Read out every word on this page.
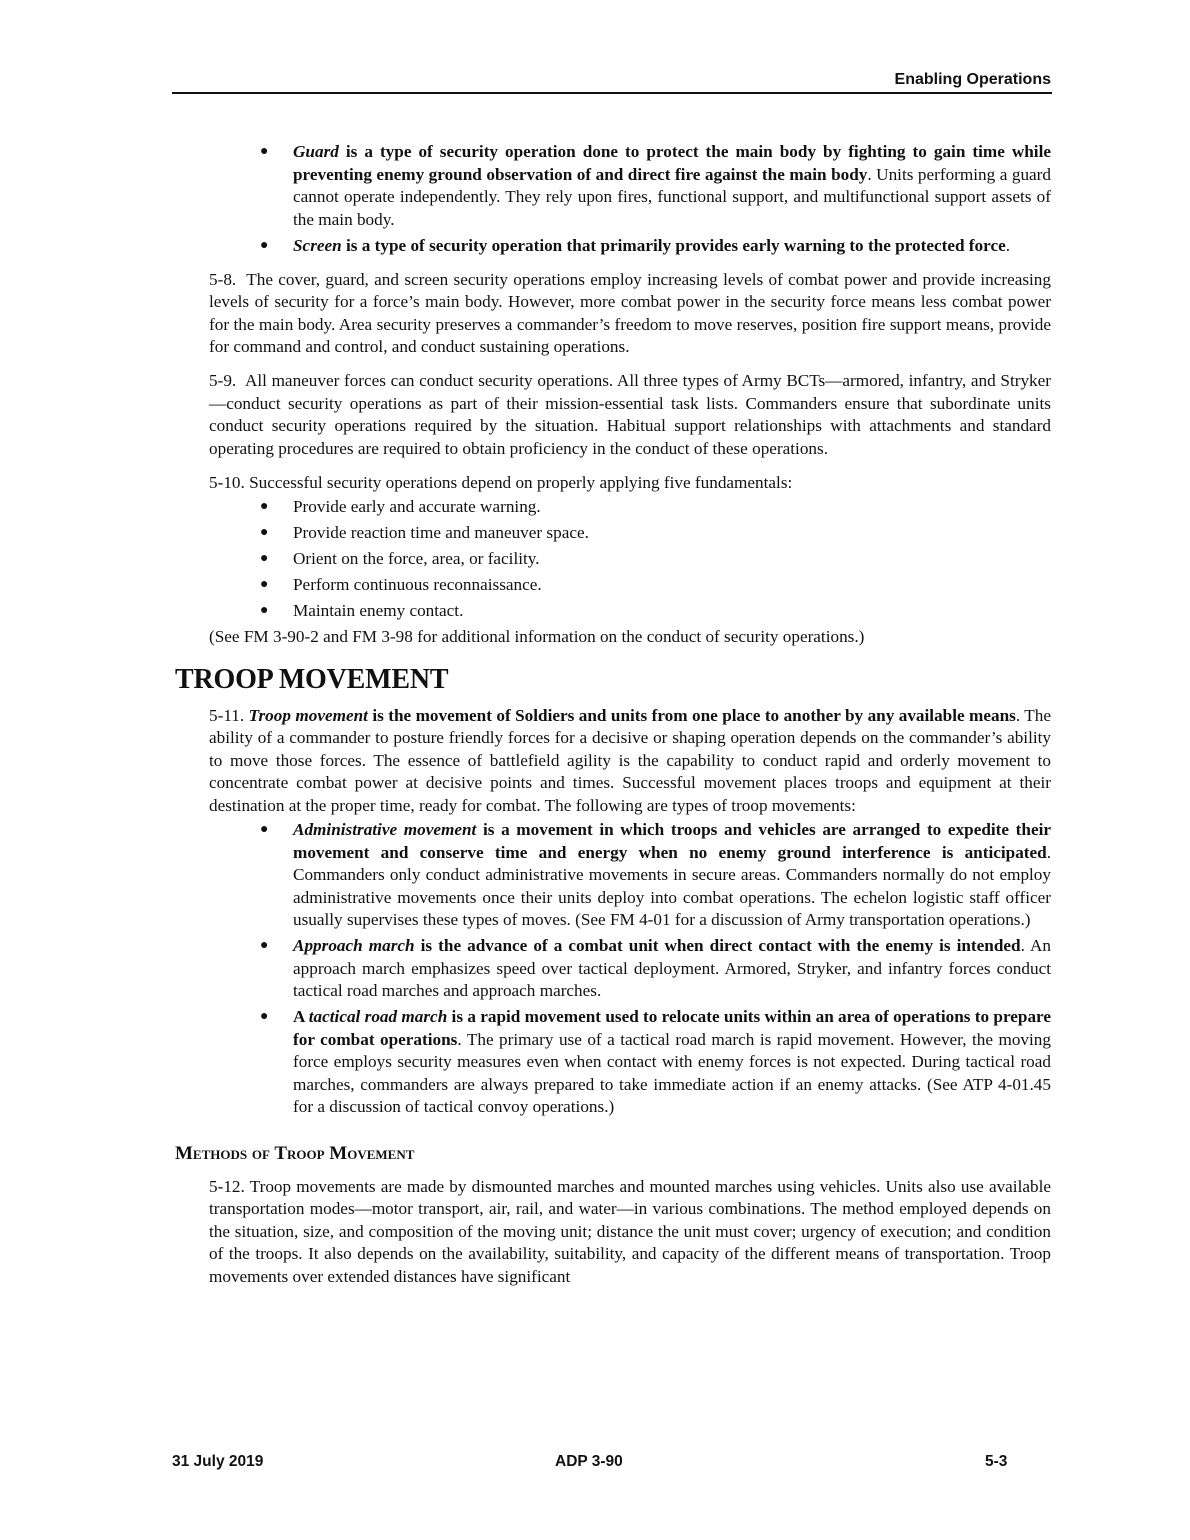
Enabling Operations
● Guard is a type of security operation done to protect the main body by fighting to gain time while preventing enemy ground observation of and direct fire against the main body. Units performing a guard cannot operate independently. They rely upon fires, functional support, and multifunctional support assets of the main body.
● Screen is a type of security operation that primarily provides early warning to the protected force.

5-8. The cover, guard, and screen security operations employ increasing levels of combat power and provide increasing levels of security for a force’s main body. However, more combat power in the security force means less combat power for the main body. Area security preserves a commander’s freedom to move reserves, position fire support means, provide for command and control, and conduct sustaining operations.

5-9. All maneuver forces can conduct security operations. All three types of Army BCTs—armored, infantry, and Stryker—conduct security operations as part of their mission-essential task lists. Commanders ensure that subordinate units conduct security operations required by the situation. Habitual support relationships with attachments and standard operating procedures are required to obtain proficiency in the conduct of these operations.

5-10. Successful security operations depend on properly applying five fundamentals:

● Provide early and accurate warning.
● Provide reaction time and maneuver space.
● Orient on the force, area, or facility.
● Perform continuous reconnaissance.
● Maintain enemy contact.

(See FM 3-90-2 and FM 3-98 for additional information on the conduct of security operations.)

TROOP MOVEMENT

5-11. Troop movement is the movement of Soldiers and units from one place to another by any available means. The ability of a commander to posture friendly forces for a decisive or shaping operation depends on the commander’s ability to move those forces. The essence of battlefield agility is the capability to conduct rapid and orderly movement to concentrate combat power at decisive points and times. Successful movement places troops and equipment at their destination at the proper time, ready for combat. The following are types of troop movements:

● Administrative movement is a movement in which troops and vehicles are arranged to expedite their movement and conserve time and energy when no enemy ground interference is anticipated. Commanders only conduct administrative movements in secure areas. Commanders normally do not employ administrative movements once their units deploy into combat operations. The echelon logistic staff officer usually supervises these types of moves. (See FM 4-01 for a discussion of Army transportation operations.)
● Approach march is the advance of a combat unit when direct contact with the enemy is intended. An approach march emphasizes speed over tactical deployment. Armored, Stryker, and infantry forces conduct tactical road marches and approach marches.
● A tactical road march is a rapid movement used to relocate units within an area of operations to prepare for combat operations. The primary use of a tactical road march is rapid movement. However, the moving force employs security measures even when contact with enemy forces is not expected. During tactical road marches, commanders are always prepared to take immediate action if an enemy attacks. (See ATP 4-01.45 for a discussion of tactical convoy operations.)
Methods of Troop Movement

5-12. Troop movements are made by dismounted marches and mounted marches using vehicles. Units also use available transportation modes—motor transport, air, rail, and water—in various combinations. The method employed depends on the situation, size, and composition of the moving unit; distance the unit must cover; urgency of execution; and condition of the troops. It also depends on the availability, suitability, and capacity of the different means of transportation. Troop movements over extended distances have significant

31 July 2019	ADP 3-90	5-3
